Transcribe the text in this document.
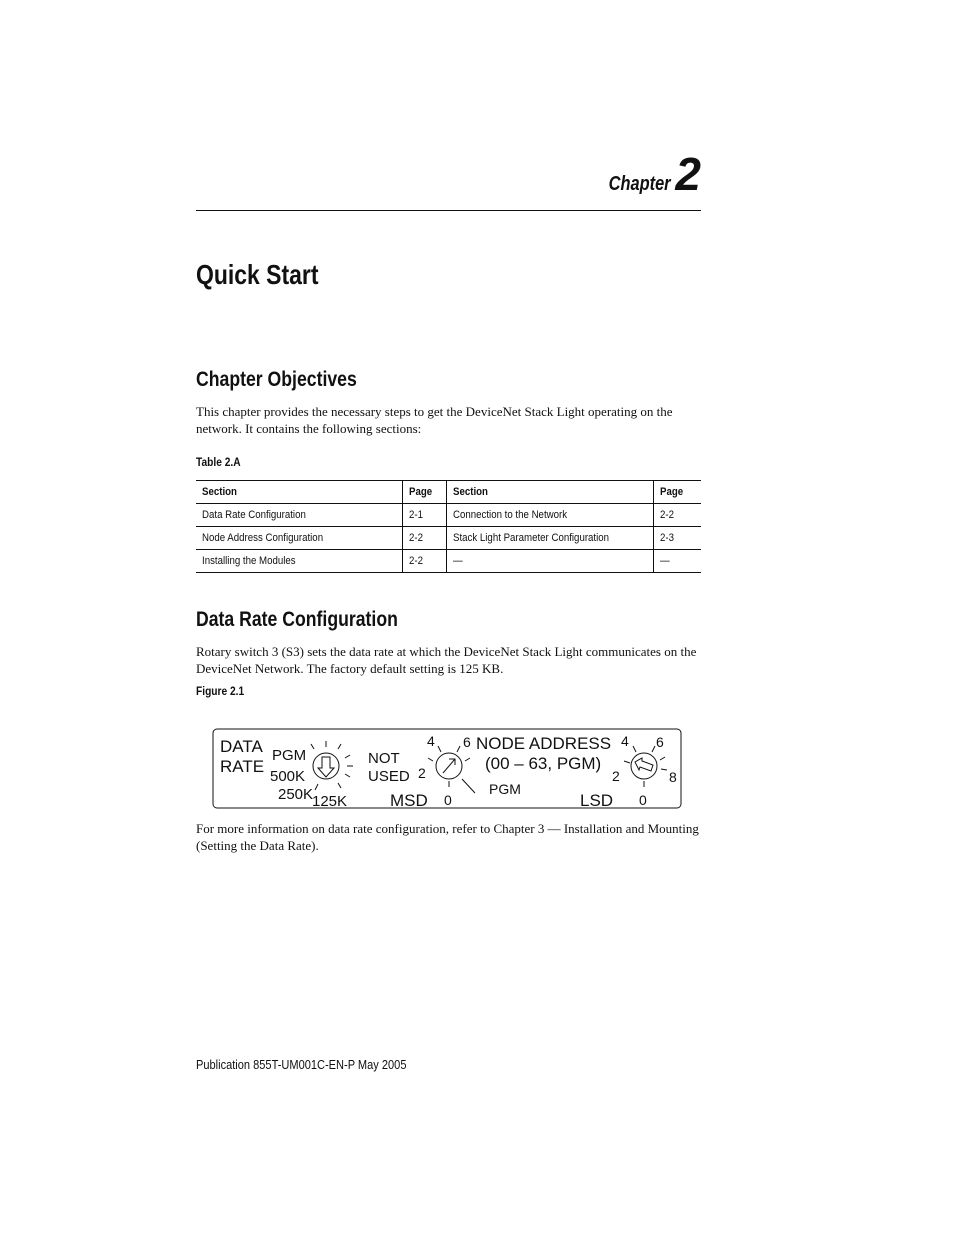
Chapter 2
Quick Start
Chapter Objectives

This chapter provides the necessary steps to get the DeviceNet Stack Light operating on the network. It contains the following sections:

Table 2.A
Section	Page	Section	Page
Data Rate Configuration	2-1	Connection to the Network	2-2
Node Address Configuration	2-2	Stack Light Parameter Configuration	2-3
Installing the Modules	2-2	—	—
Data Rate Configuration

Rotary switch 3 (S3) sets the data rate at which the DeviceNet Stack Light communicates on the DeviceNet Network. The factory default setting is 125 KB.

Figure 2.1
DATA
RATE
PGM
500K
250K
125K
NOT
USED
MSD
4 6
2
0
PGM
NODE ADDRESS
(00 – 63, PGM)
4 6
2	8
0
LSD

For more information on data rate configuration, refer to Chapter 3 — Installation and Mounting (Setting the Data Rate).

Publication 855T-UM001C-EN-P May 2005
